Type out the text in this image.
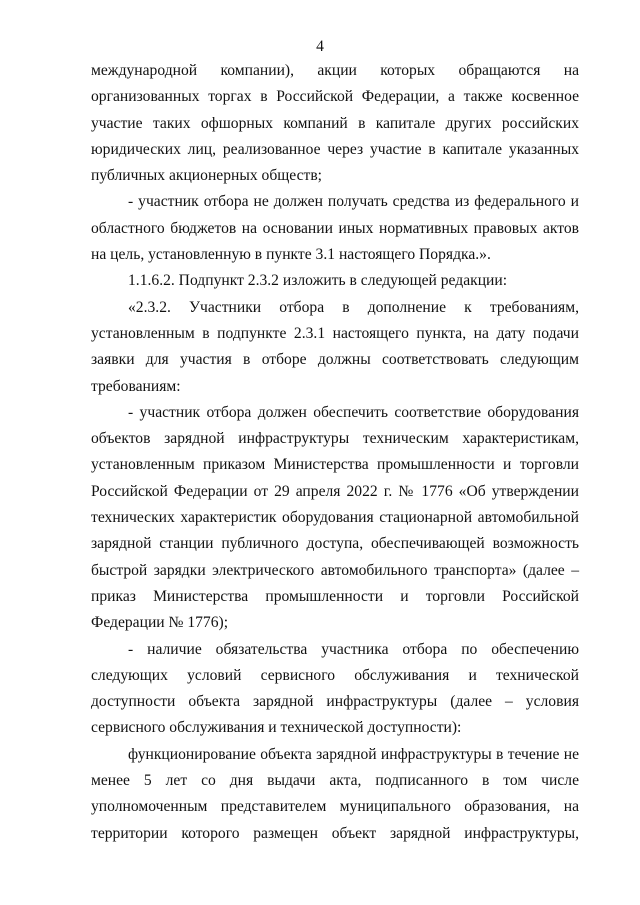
4

международной компании), акции которых обращаются на организованных торгах в Российской Федерации, а также косвенное участие таких офшорных компаний в капитале других российских юридических лиц, реализованное через участие в капитале указанных публичных акционерных обществ;

- участник отбора не должен получать средства из федерального и областного бюджетов на основании иных нормативных правовых актов на цель, установленную в пункте 3.1 настоящего Порядка.».

1.1.6.2. Подпункт 2.3.2 изложить в следующей редакции:

«2.3.2. Участники отбора в дополнение к требованиям, установленным в подпункте 2.3.1 настоящего пункта, на дату подачи заявки для участия в отборе должны соответствовать следующим требованиям:

- участник отбора должен обеспечить соответствие оборудования объектов зарядной инфраструктуры техническим характеристикам, установленным приказом Министерства промышленности и торговли Российской Федерации от 29 апреля 2022 г. № 1776 «Об утверждении технических характеристик оборудования стационарной автомобильной зарядной станции публичного доступа, обеспечивающей возможность быстрой зарядки электрического автомобильного транспорта» (далее – приказ Министерства промышленности и торговли Российской Федерации № 1776);

- наличие обязательства участника отбора по обеспечению следующих условий сервисного обслуживания и технической доступности объекта зарядной инфраструктуры (далее – условия сервисного обслуживания и технической доступности):

функционирование объекта зарядной инфраструктуры в течение не менее 5 лет со дня выдачи акта, подписанного в том числе уполномоченным представителем муниципального образования, на территории которого размещен объект зарядной инфраструктуры,
